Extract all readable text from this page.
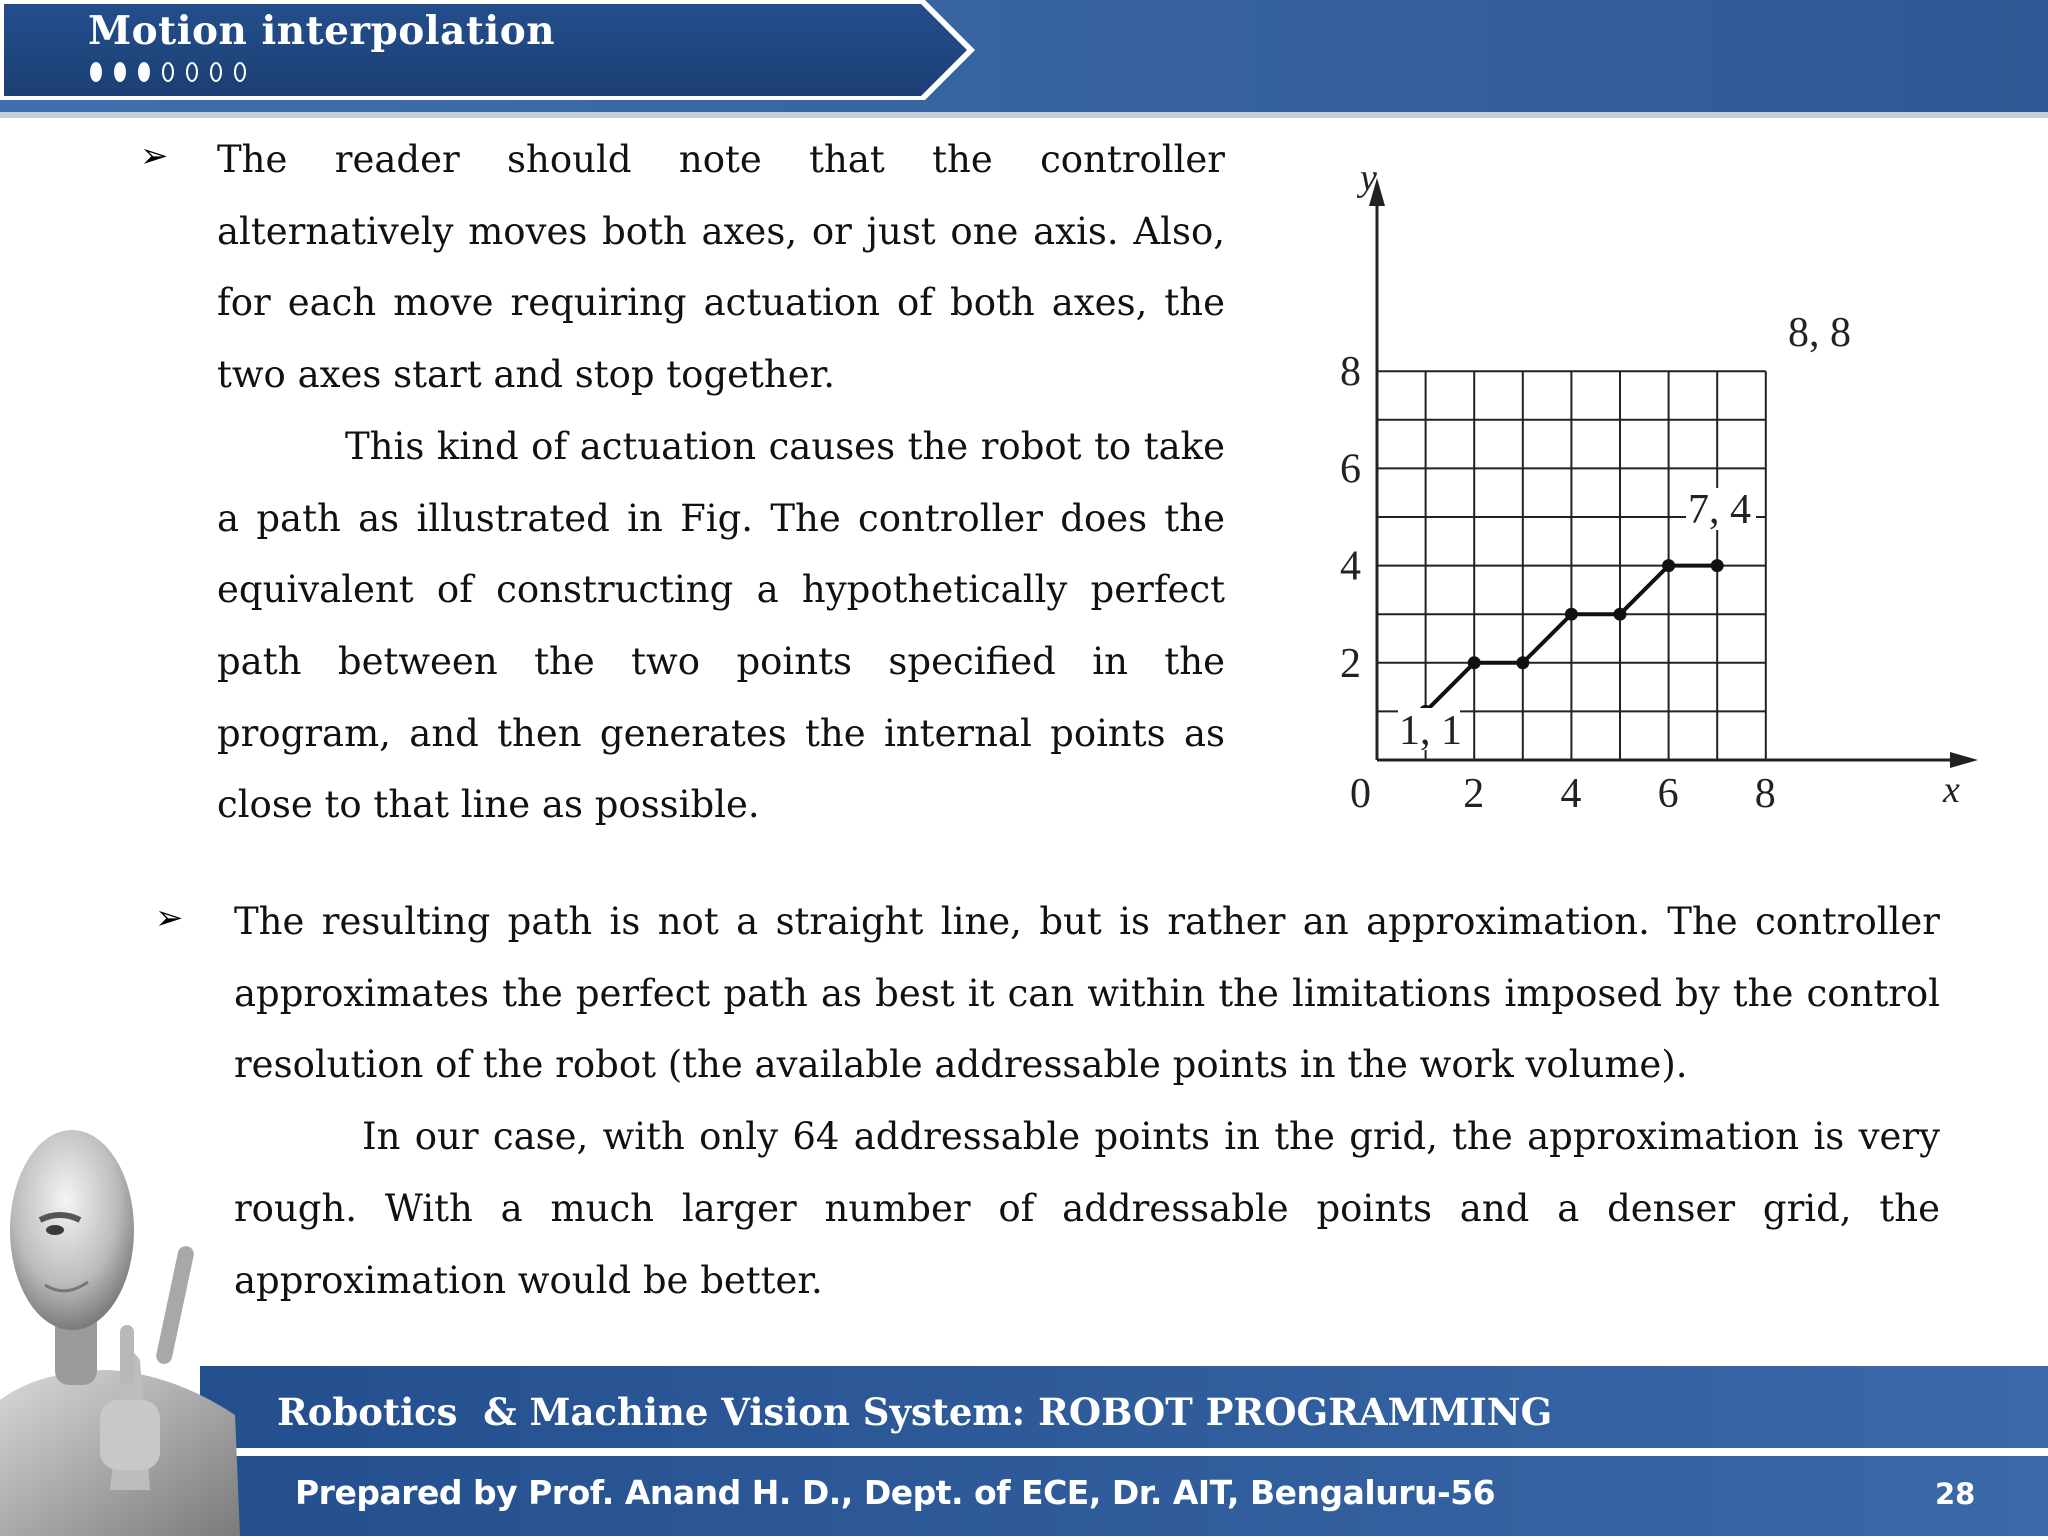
Motion interpolation
➢ The reader should note that the controller alternatively moves both axes, or just one axis. Also, for each move requiring actuation of both axes, the two axes start and stop together.

This kind of actuation causes the robot to take a path as illustrated in Fig. The controller does the equivalent of constructing a hypothetically perfect path between the two points specified in the program, and then generates the internal points as close to that line as possible.

y
x
0 2 4 6 8
2
4
6
8
1, 1
7, 4
8, 8
➢ The resulting path is not a straight line, but is rather an approximation. The controller approximates the perfect path as best it can within the limitations imposed by the control resolution of the robot (the available addressable points in the work volume).

In our case, with only 64 addressable points in the grid, the approximation is very rough. With a much larger number of addressable points and a denser grid, the approximation would be better.

Robotics  & Machine Vision System: ROBOT PROGRAMMING
Prepared by Prof. Anand H. D., Dept. of ECE, Dr. AIT, Bengaluru-56	28
